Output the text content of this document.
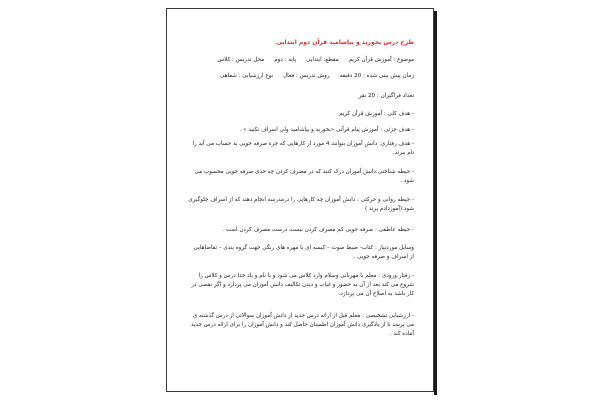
طرح درس بخورید و بیاشامید قرآن دوم ابتدایی
موضوع : آموزش قرآن کریممقطع: ابتداییپایه : دوممحل تدریس : کلاس
زمان پیش بینی شده : 20 دقیقهروش تدریس : فعالنوع ارزشیابی : شفاهی
تعداد فراگیران : 20 نفر
- هدف کلی : آموزش قرآن کریم
- هدف جزئی : آموزش پیام قرآنی «بخورید و بیاشامید ولی اسراف نکنید » .
- هدف رفتاری: دانش آموزان بتوانند 4 مورد از کارهایی که جزء صرفه جویی به حساب می آید را نام ببرند.
- حیطه شناختی:دانش آموزان درک کنند که در مصرف کردن چه حدی صرفه جویی محسوب می شود .
- حیطه روانی و حرکتی : دانش آموزان چه کارهایی را درمدرسه انجام دهند که از اسراف جلوگیری شود.(آموزدادم پرند )
- حیطه عاطفی : صرفه جویی کم مصرف کردن نیست درست مصرف کردن است .
وسایل موردنیاز : کتاب- ضبط صوت – کیسه ای با مهره های رنگی جهت گروه بندی – تقاضاهایی از اسراف و صرفه جویی .
- رفتار ورودی : معلم با مهربانی وسلام وارد کلاس می شود و با نام و یاد خدا درس و کلاس را شروع می کند بعد از آن به حضور و غیاب و دیدن تکالیف دانش آموزان می پردازد و اگر نقصی در کار باشد به اصلاح آن می پردازد.
- ارزشیابی تشخیصی : معلم قبل از ارائه درس جدید از دانش آموزان سوالاتی از درس گذشته ی می پرسد تا از یادگیری دانش آموزان اطمینان حاصل کند و دانش آموزان را برای ارائه درس جدید آماده کند .
